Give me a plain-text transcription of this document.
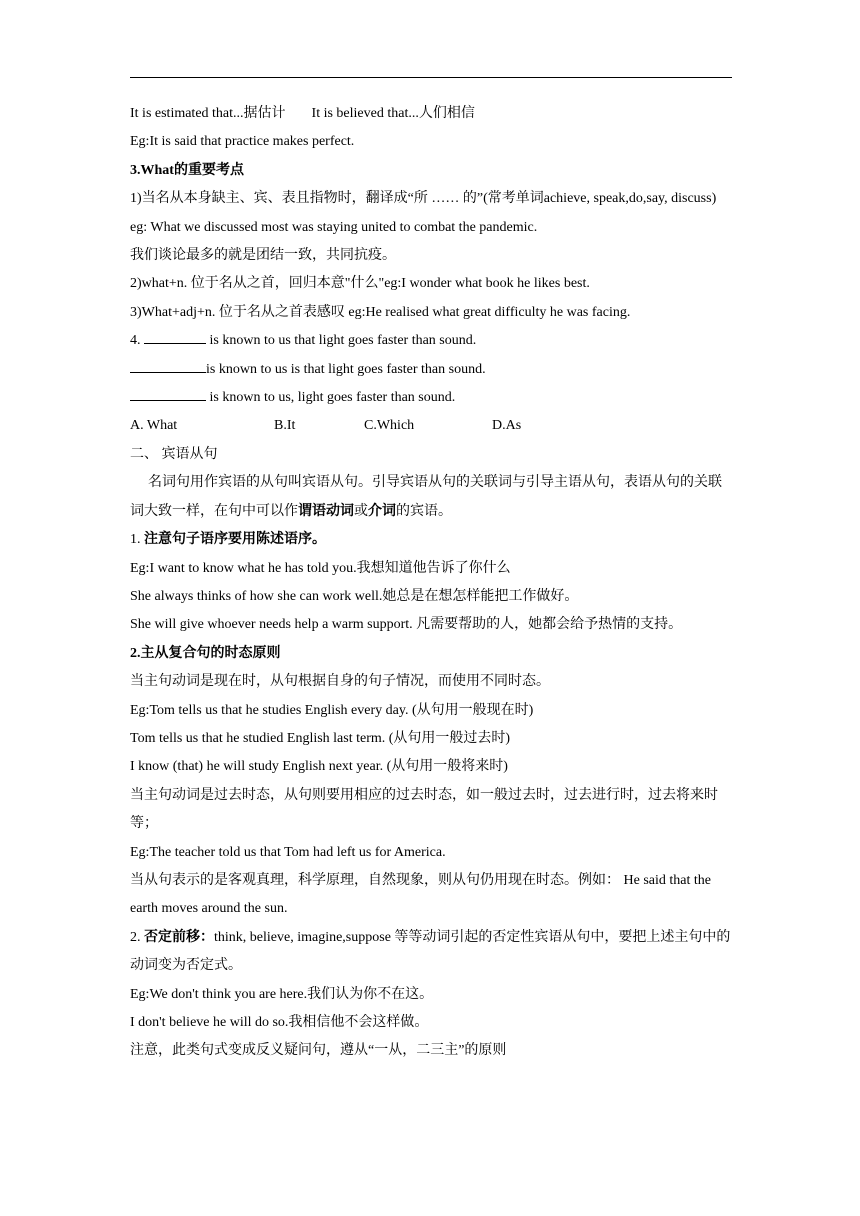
It is estimated that...据估计 It is believed that...人们相信

Eg:It is said that practice makes perfect.

3.What的重要考点

1)当名从本身缺主、宾、表且指物时，翻译成“所 …… 的”(常考单词achieve, speak,do,say, discuss)

eg: What we discussed most was staying united to combat the pandemic.

我们谈论最多的就是团结一致，共同抗疫。

2)what+n. 位于名从之首，回归本意"什么"eg:I wonder what book he likes best.

3)What+adj+n. 位于名从之首表感叹 eg:He realised what great difficulty he was facing.

4.	is known to us that light goes faster than sound.

is known to us is that light goes faster than sound.

is known to us, light goes faster than sound.

A. What	B.It	C.Which	D.As

二、 宾语从句

名词句用作宾语的从句叫宾语从句。引导宾语从句的关联词与引导主语从句，表语从句的关联词大致一样，在句中可以作谓语动词或介词的宾语。

1. 注意句子语序要用陈述语序。

Eg:I want to know what he has told you.我想知道他告诉了你什么

She always thinks of how she can work well.她总是在想怎样能把工作做好。

She will give whoever needs help a warm support. 凡需要帮助的人，她都会给予热情的支持。

2.主从复合句的时态原则

当主句动词是现在时，从句根据自身的句子情况，而使用不同时态。

Eg:Tom tells us that he studies English every day. (从句用一般现在时)

Tom tells us that he studied English last term. (从句用一般过去时)

I know (that) he will study English next year. (从句用一般将来时)

当主句动词是过去时态，从句则要用相应的过去时态，如一般过去时，过去进行时，过去将来时等；

Eg:The teacher told us that Tom had left us for America.

当从句表示的是客观真理，科学原理，自然现象，则从句仍用现在时态。例如： He said that the earth moves around the sun.

2. 否定前移：think, believe, imagine,suppose 等等动词引起的否定性宾语从句中，要把上述主句中的动词变为否定式。

Eg:We don't think you are here.我们认为你不在这。

I don't believe he will do so.我相信他不会这样做。

注意，此类句式变成反义疑问句，遵从“一从，二三主”的原则
